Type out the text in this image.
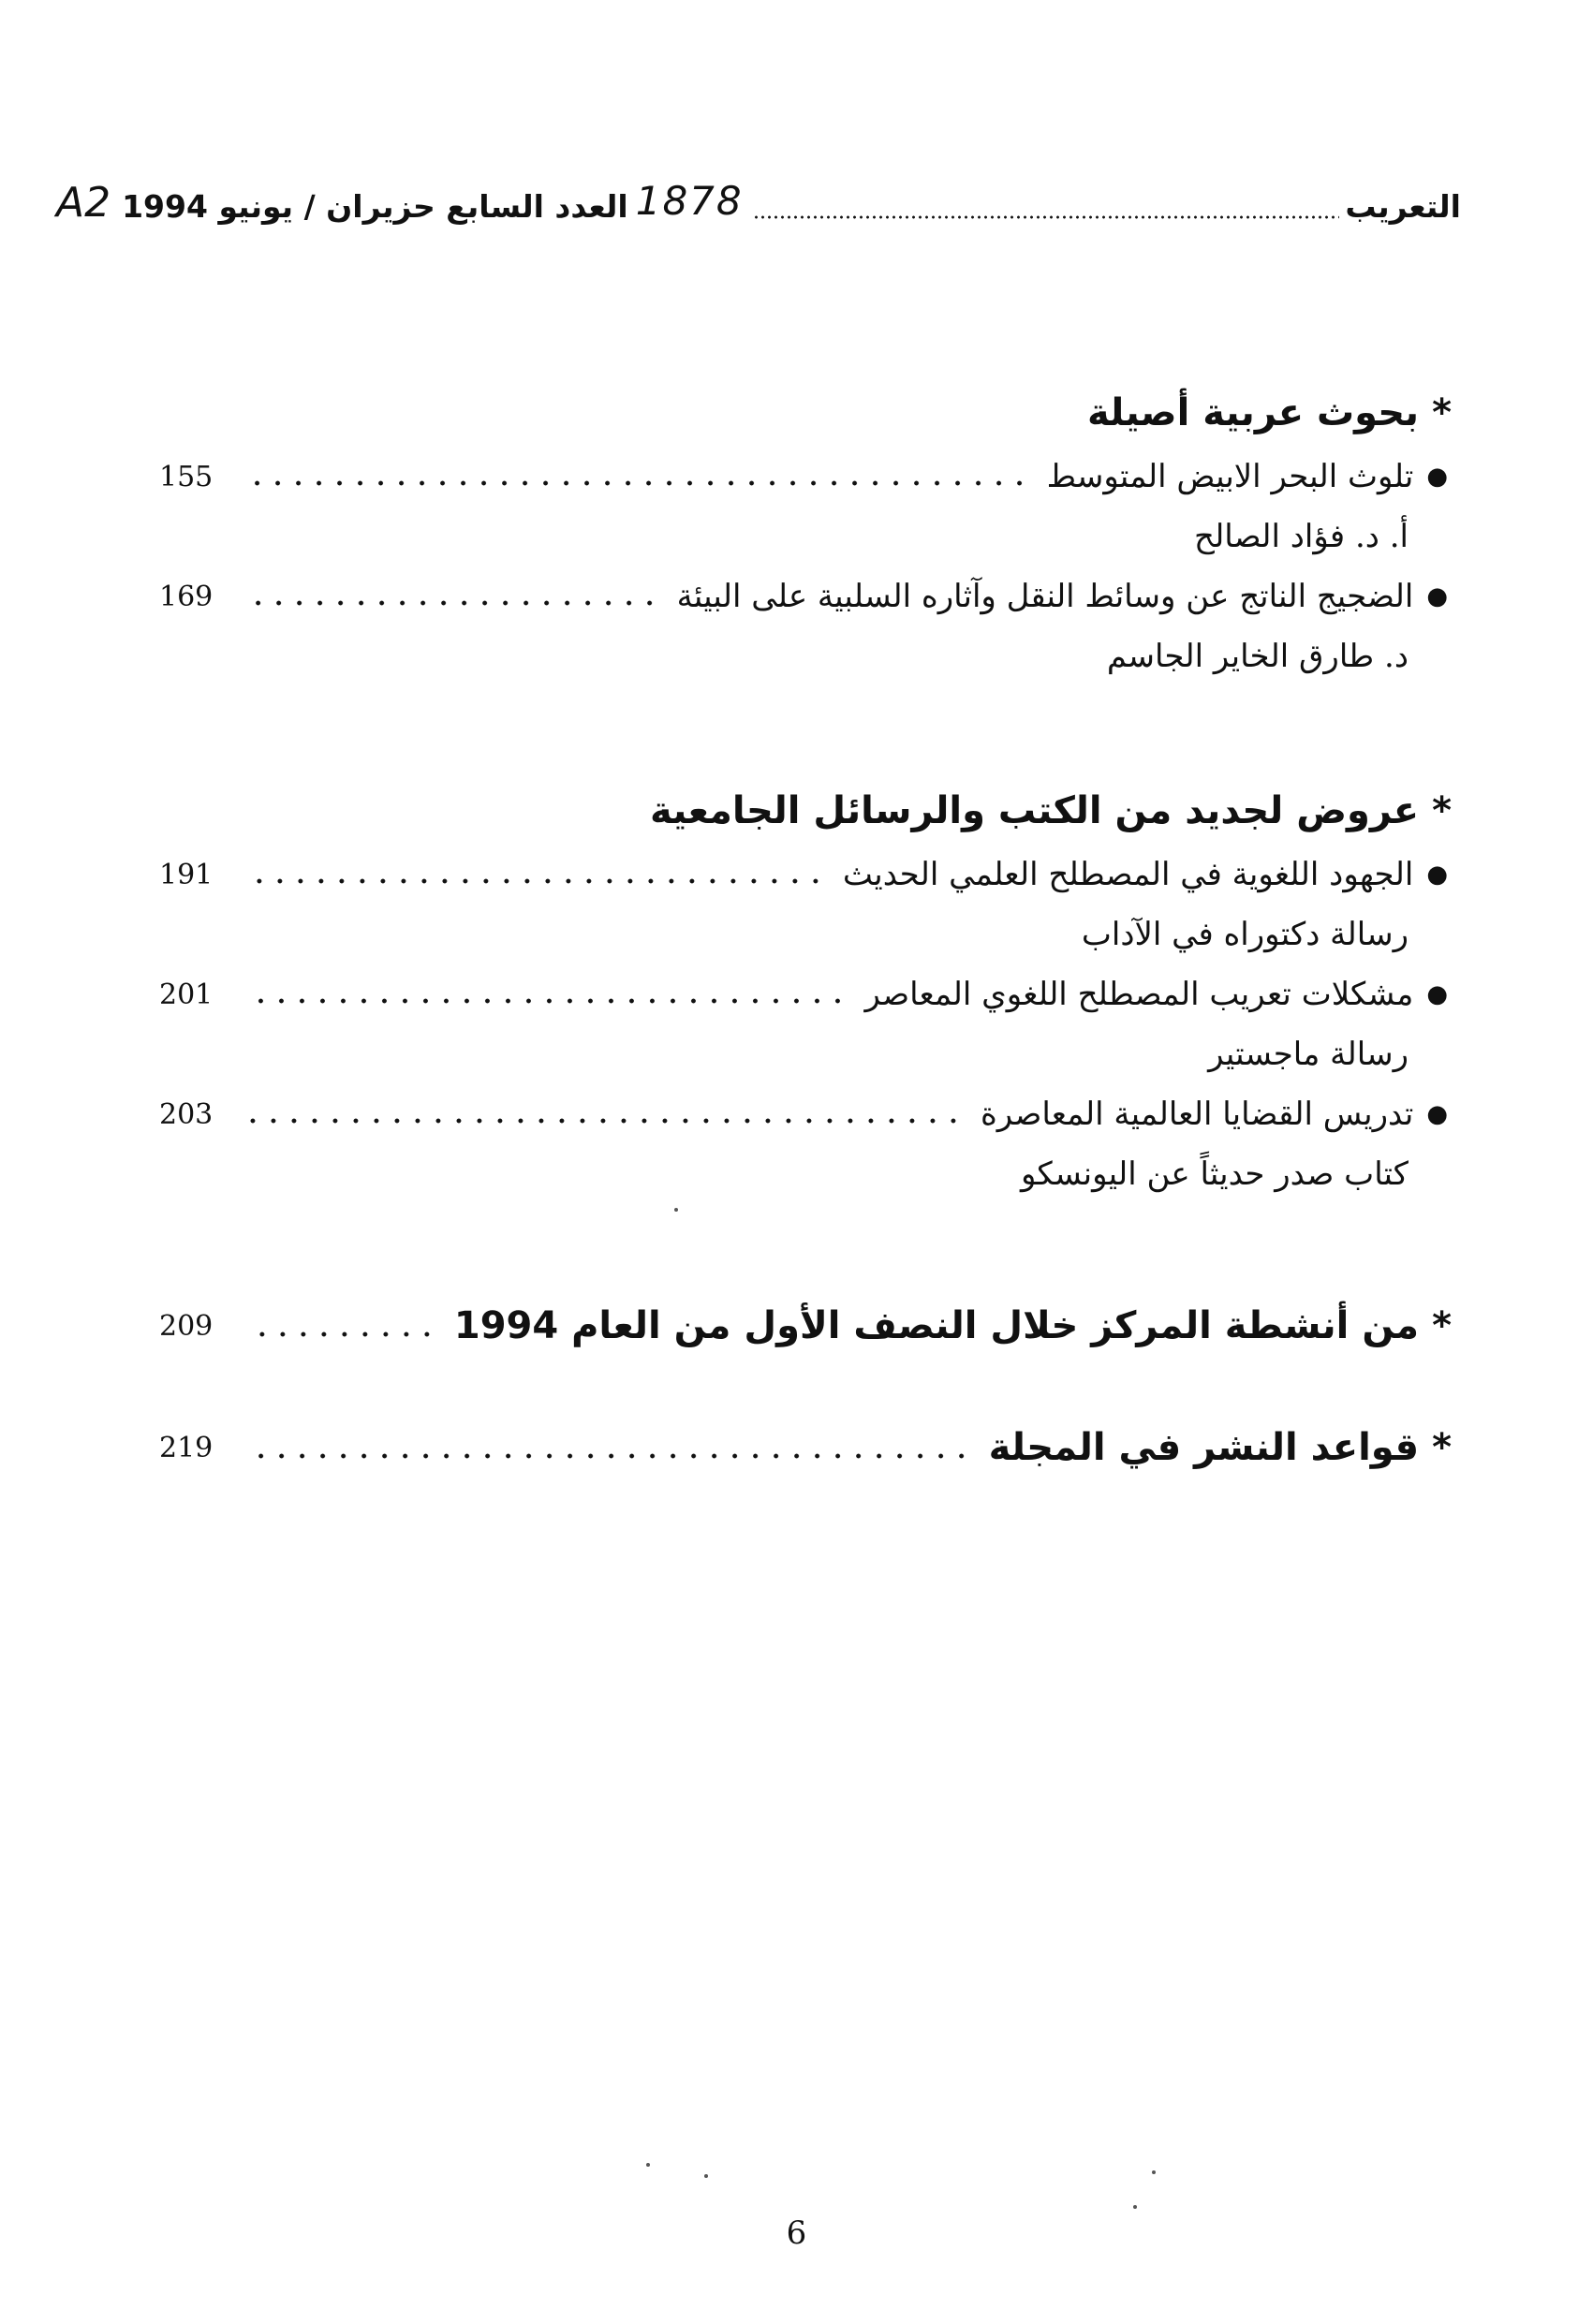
التعريب
1878
العدد السابع حزيران / يونيو 1994
A2
*
بحوث عربية أصيلة
●
تلوث البحر الابيض المتوسط
155
أ. د. فؤاد الصالح
●
الضجيج الناتج عن وسائط النقل وآثاره السلبية على البيئة
169
د. طارق الخاير الجاسم
*
عروض لجديد من الكتب والرسائل الجامعية
●
الجهود اللغوية في المصطلح العلمي الحديث
191
رسالة دكتوراه في الآداب
●
مشكلات تعريب المصطلح اللغوي المعاصر
201
رسالة ماجستير
●
تدريس القضايا العالمية المعاصرة
203
كتاب صدر حديثاً عن اليونسكو
*
من أنشطة المركز خلال النصف الأول من العام 1994
209
*
قواعد النشر في المجلة
219
6
